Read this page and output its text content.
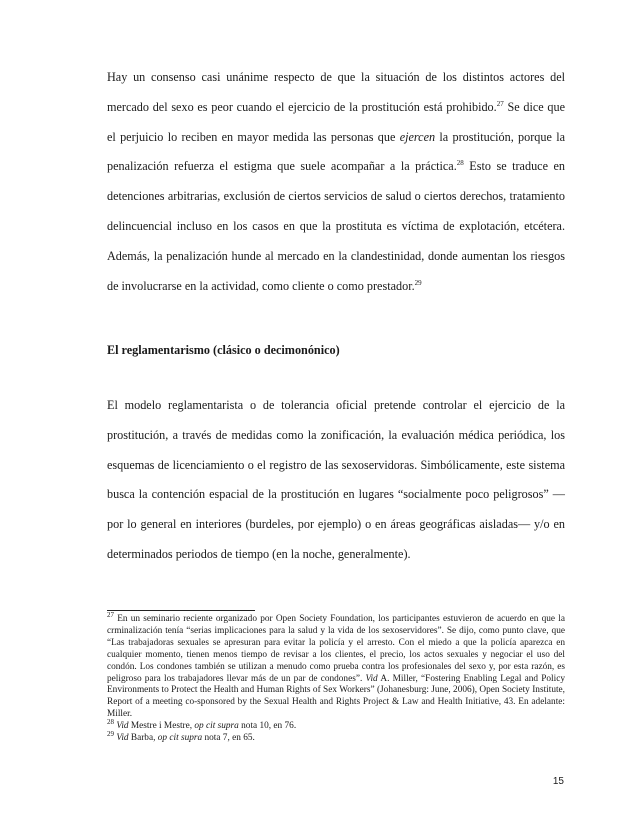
Hay un consenso casi unánime respecto de que la situación de los distintos actores del mercado del sexo es peor cuando el ejercicio de la prostitución está prohibido.$^{27}$ Se dice que el perjuicio lo reciben en mayor medida las personas que ejercen la prostitución, porque la penalización refuerza el estigma que suele acompañar a la práctica.$^{28}$ Esto se traduce en detenciones arbitrarias, exclusión de ciertos servicios de salud o ciertos derechos, tratamiento delincuencial incluso en los casos en que la prostituta es víctima de explotación, etcétera. Además, la penalización hunde al mercado en la clandestinidad, donde aumentan los riesgos de involucrarse en la actividad, como cliente o como prestador.$^{29}$

El reglamentarismo (clásico o decimonónico)

El modelo reglamentarista o de tolerancia oficial pretende controlar el ejercicio de la prostitución, a través de medidas como la zonificación, la evaluación médica periódica, los esquemas de licenciamiento o el registro de las sexoservidoras. Simbólicamente, este sistema busca la contención espacial de la prostitución en lugares “socialmente poco peligrosos” —por lo general en interiores (burdeles, por ejemplo) o en áreas geográficas aisladas— y/o en determinados periodos de tiempo (en la noche, generalmente).

$^{27}$ En un seminario reciente organizado por Open Society Foundation, los participantes estuvieron de acuerdo en que la crminalización tenía “serias implicaciones para la salud y la vida de los sexoservidores”. Se dijo, como punto clave, que “Las trabajadoras sexuales se apresuran para evitar la policía y el arresto. Con el miedo a que la policía aparezca en cualquier momento, tienen menos tiempo de revisar a los clientes, el precio, los actos sexuales y negociar el uso del condón. Los condones también se utilizan a menudo como prueba contra los profesionales del sexo y, por esta razón, es peligroso para los trabajadores llevar más de un par de condones”. Vid A. Miller, “Fostering Enabling Legal and Policy Environments to Protect the Health and Human Rights of Sex Workers” (Johanesburg: June, 2006), Open Society Institute, Report of a meeting co-sponsored by the Sexual Health and Rights Project & Law and Health Initiative, 43. En adelante: Miller.

$^{28}$ Vid Mestre i Mestre, op cit supra nota 10, en 76.

$^{29}$ Vid Barba, op cit supra nota 7, en 65.

15
